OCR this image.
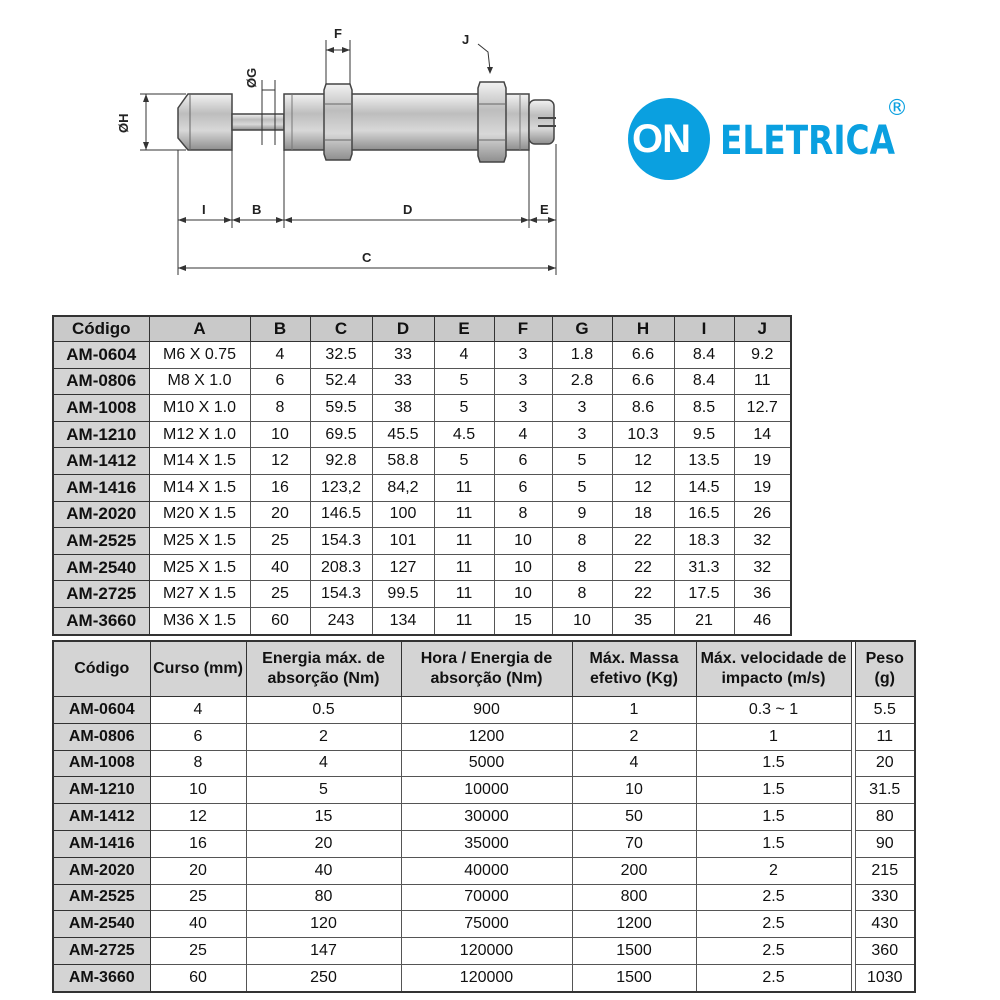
F	J
ØG
ØH
I	B	D	E
C
ON ELETRICA
®
Código	A	B	C	D	E	F	G	H	I	J
AM-0604	M6 X 0.75	4	32.5	33	4	3	1.8	6.6	8.4	9.2
AM-0806	M8 X 1.0	6	52.4	33	5	3	2.8	6.6	8.4	11
AM-1008	M10 X 1.0	8	59.5	38	5	3	3	8.6	8.5	12.7
AM-1210	M12 X 1.0	10	69.5	45.5	4.5	4	3	10.3	9.5	14
AM-1412	M14 X 1.5	12	92.8	58.8	5	6	5	12	13.5	19
AM-1416	M14 X 1.5	16	123,2	84,2	11	6	5	12	14.5	19
AM-2020	M20 X 1.5	20	146.5	100	11	8	9	18	16.5	26
AM-2525	M25 X 1.5	25	154.3	101	11	10	8	22	18.3	32
AM-2540	M25 X 1.5	40	208.3	127	11	10	8	22	31.3	32
AM-2725	M27 X 1.5	25	154.3	99.5	11	10	8	22	17.5	36
AM-3660	M36 X 1.5	60	243	134	11	15	10	35	21	46
Código	Curso (mm)	Energia máx. de absorção (Nm)	Hora / Energia de absorção (Nm)	Máx. Massa efetivo (Kg)	Máx. velocidade de impacto (m/s)		Peso (g)
AM-0604	4	0.5	900	1	0.3 ~ 1		5.5
AM-0806	6	2	1200	2	1		11
AM-1008	8	4	5000	4	1.5		20
AM-1210	10	5	10000	10	1.5		31.5
AM-1412	12	15	30000	50	1.5		80
AM-1416	16	20	35000	70	1.5		90
AM-2020	20	40	40000	200	2		215
AM-2525	25	80	70000	800	2.5		330
AM-2540	40	120	75000	1200	2.5		430
AM-2725	25	147	120000	1500	2.5		360
AM-3660	60	250	120000	1500	2.5		1030
